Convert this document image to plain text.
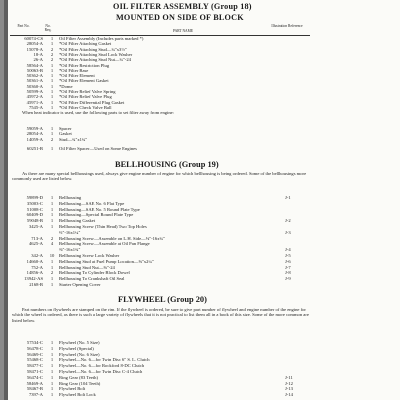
OIL FILTER ASSEMBLY (Group 18)
MOUNTED ON SIDE OF BLOCK
Part No.	No. Req.	PART NAME
Illustration Reference
60074-CS	1	Oil Filter Assembly (Includes parts marked *)
28054-A	1	*Oil Filter Attaching Gasket
15078-A	2	*Oil Filter Attaching Stud—¾"x3½"
18-A	2	*Oil Filter Attaching Stud Lock Washer
26-A	2	*Oil Filter Attaching Stud Nut—¾"-24
58564-A	1	*Oil Filter Restriction Plug
50063-B	1	*Oil Filter Base
50362-A	1	*Oil Filter Element
50361-A	1	*Oil Filter Element Gasket
50360-A	1	*Dome
50599-A	1	*Oil Filter Relief Valve Spring
45972-A	1	*Oil Filter Relief Valve Plug
45971-A	1	*Oil Filter Differential Plug Gasket
7545-A	1	*Oil Filter Check Valve Ball
When heat indicator is used, use the following parts to set filter away from engine:
59059-A	1	Spacer
28054-A	1	Gasket
14059-A	2	Stud—¾"x1¾"
60251-B	1	Oil Filter Spacer—Used on Some Engines
BELLHOUSING (Group 19)
As there are many special bellhousings used, always give engine number of engine for which bellhousing is being ordered. Some of the bellhousings more commonly used are listed below.
59899-D	1	Bellhousing	J-1
35003-C	1	Bellhousing—SAE No. 6 Flat Type
51008-C	1	Bellhousing—SAE No. 5 Round Plate Type
60409-D	1	Bellhousing—Special Round Plate Type
59048-B	1	Bellhousing Gasket	J-2
3425-A	1	Bellhousing Screw (Thin Head) Two Top Holes
⅔"-16x1¼"	J-3
713-A	2	Bellhousing Screw—Assemble on L.H. Side—⅜"-16x¾"
4625-A	4	Bellhousing Screw—Assemble at Oil Pan Flange
⅜"-16x1¾"	J-4
342-A 10 Bellhousing Screw Lock Washer	J-5
14660-A	1	Bellhousing Stud at Fuel Pump Location—⅜"x2¼"	J-6
752-A	1	Bellhousing Stud Nut—⅜"-24	J-7
14856-A	2	Bellhousing To Cylinder Block Dowel	J-8
13942-AS	1	Bellhousing To Crankshaft Oil Seal	J-9
2168-B	1	Starter Opening Cover
FLYWHEEL (Group 20)
Part numbers on flywheels are stamped on the rim. If the flywheel is ordered, be sure to give part number of flywheel and engine number of the engine for which the wheel is ordered, as there is such a large variety of flywheels that it is not practical to list them all in a book of this size. Some of the more common are listed below.
57534-C	1	Flywheel (No. 5 Size)
56478-C	1	Flywheel (Special)
56469-C	1	Flywheel (No. 6 Size)
55468-C	1	Flywheel—No. 6—for Twin Disc 6" S. L. Clutch
58477-C	1	Flywheel—No. 6—for Rockford 8-DC Clutch
58471-C	1	Flywheel—No. 6—for Twin Disc C-4 Clutch
56474-C	1	Ring Gear (83 Teeth)	J-11
58469-A	1	Ring Gear (104 Teeth)	J-12
58467-B	1	Flywheel Bolt	J-13
7397-A	1	Flywheel Bolt Lock	J-14
